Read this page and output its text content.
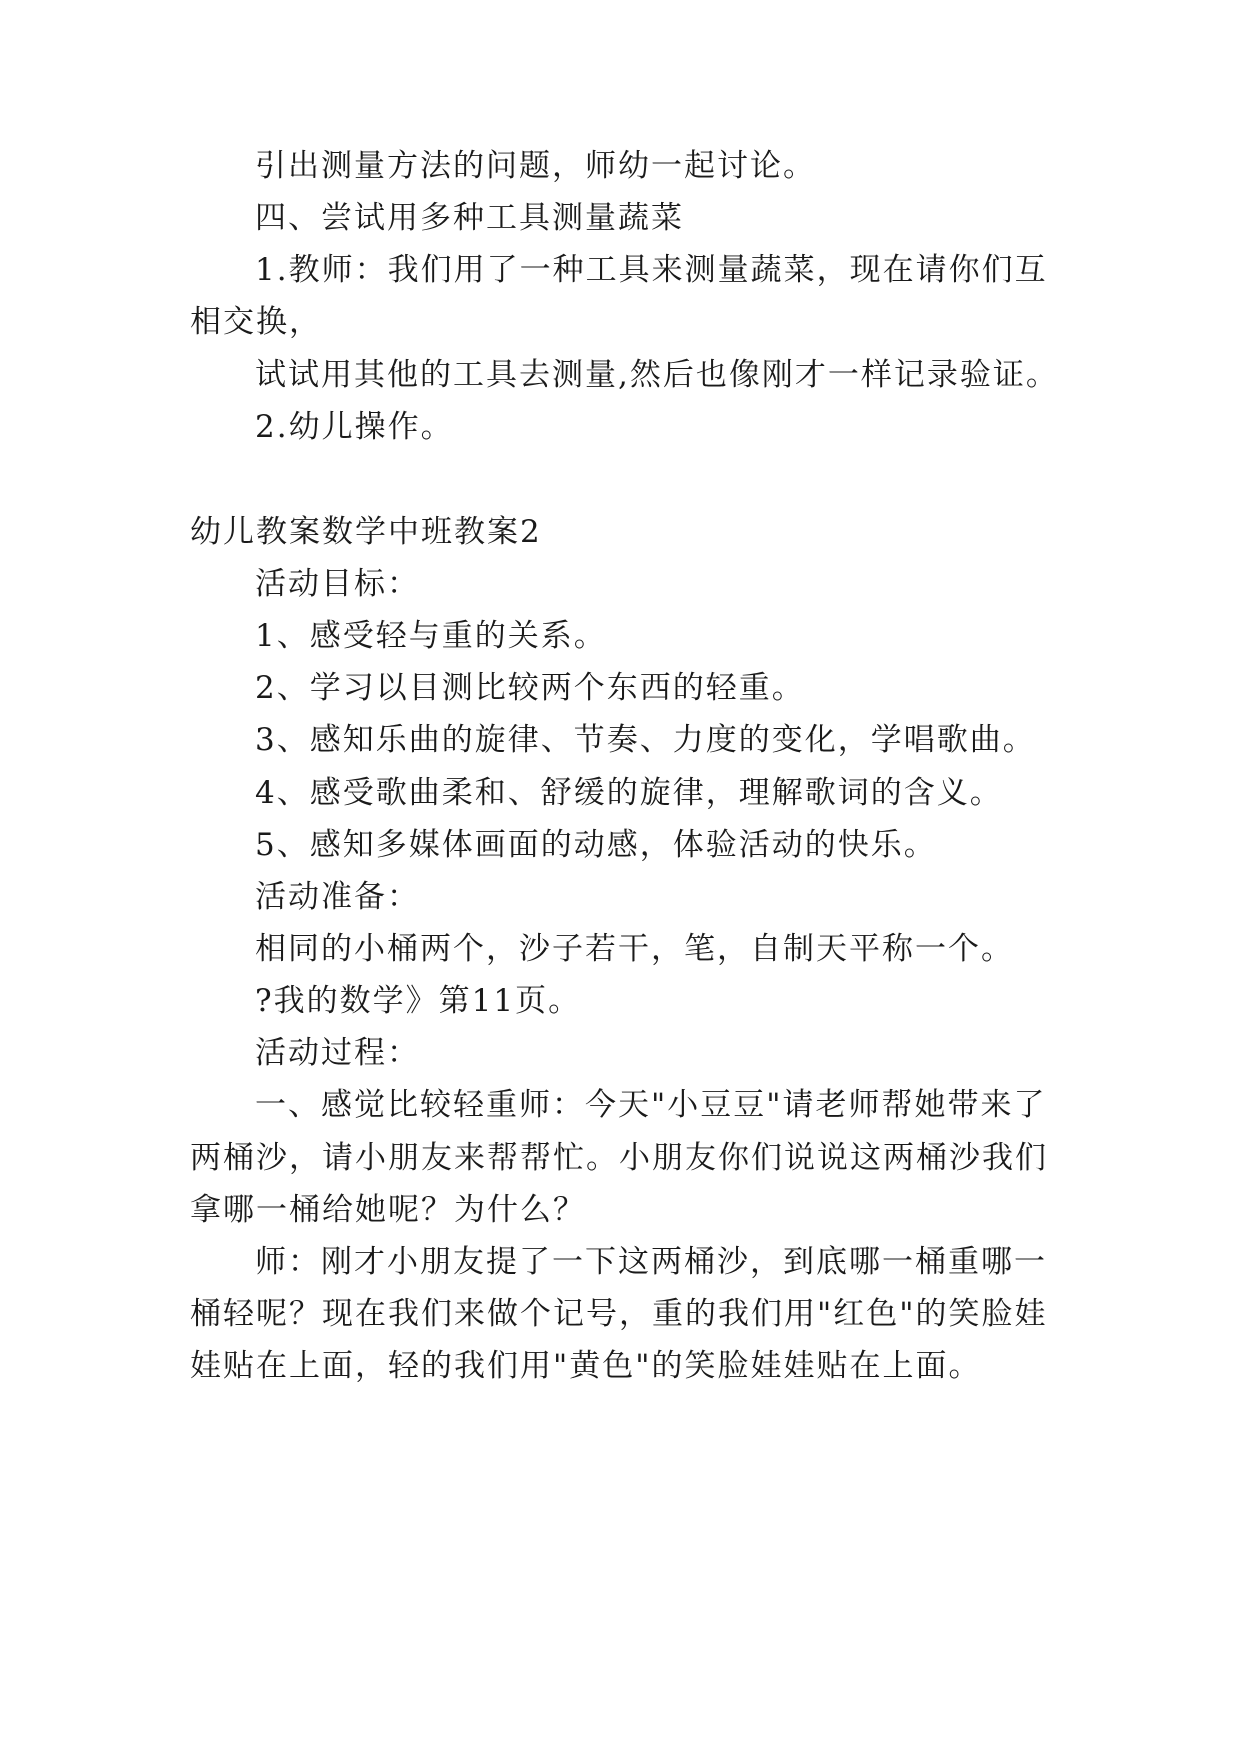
引出测量方法的问题，师幼一起讨论。
四、尝试用多种工具测量蔬菜
1.教师：我们用了一种工具来测量蔬菜，现在请你们互
相交换，
试试用其他的工具去测量,然后也像刚才一样记录验证。
2.幼儿操作。
幼儿教案数学中班教案2
活动目标：
1、感受轻与重的关系。
2、学习以目测比较两个东西的轻重。
3、感知乐曲的旋律、节奏、力度的变化，学唱歌曲。
4、感受歌曲柔和、舒缓的旋律，理解歌词的含义。
5、感知多媒体画面的动感，体验活动的快乐。
活动准备：
相同的小桶两个，沙子若干，笔，自制天平称一个。
?我的数学》第11页。
活动过程：
一、感觉比较轻重师：今天"小豆豆"请老师帮她带来了
两桶沙，请小朋友来帮帮忙。小朋友你们说说这两桶沙我们
拿哪一桶给她呢？为什么？
师：刚才小朋友提了一下这两桶沙，到底哪一桶重哪一
桶轻呢？现在我们来做个记号，重的我们用"红色"的笑脸娃
娃贴在上面，轻的我们用"黄色"的笑脸娃娃贴在上面。
